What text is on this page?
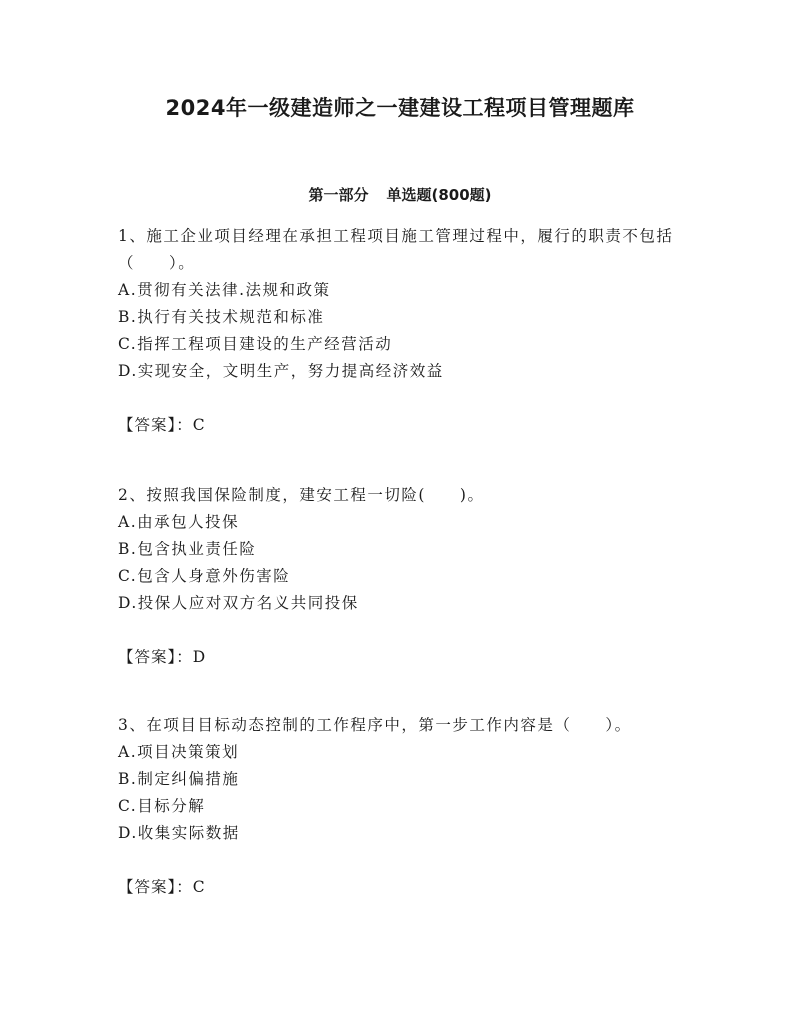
2024年一级建造师之一建建设工程项目管理题库
第一部分 单选题(800题)
1、施工企业项目经理在承担工程项目施工管理过程中，履行的职责不包括（　　）。
A.贯彻有关法律.法规和政策
B.执行有关技术规范和标准
C.指挥工程项目建设的生产经营活动
D.实现安全，文明生产，努力提高经济效益
【答案】：C
2、按照我国保险制度，建安工程一切险(　　)。
A.由承包人投保
B.包含执业责任险
C.包含人身意外伤害险
D.投保人应对双方名义共同投保
【答案】：D
3、在项目目标动态控制的工作程序中，第一步工作内容是（　　）。
A.项目决策策划
B.制定纠偏措施
C.目标分解
D.收集实际数据
【答案】：C
